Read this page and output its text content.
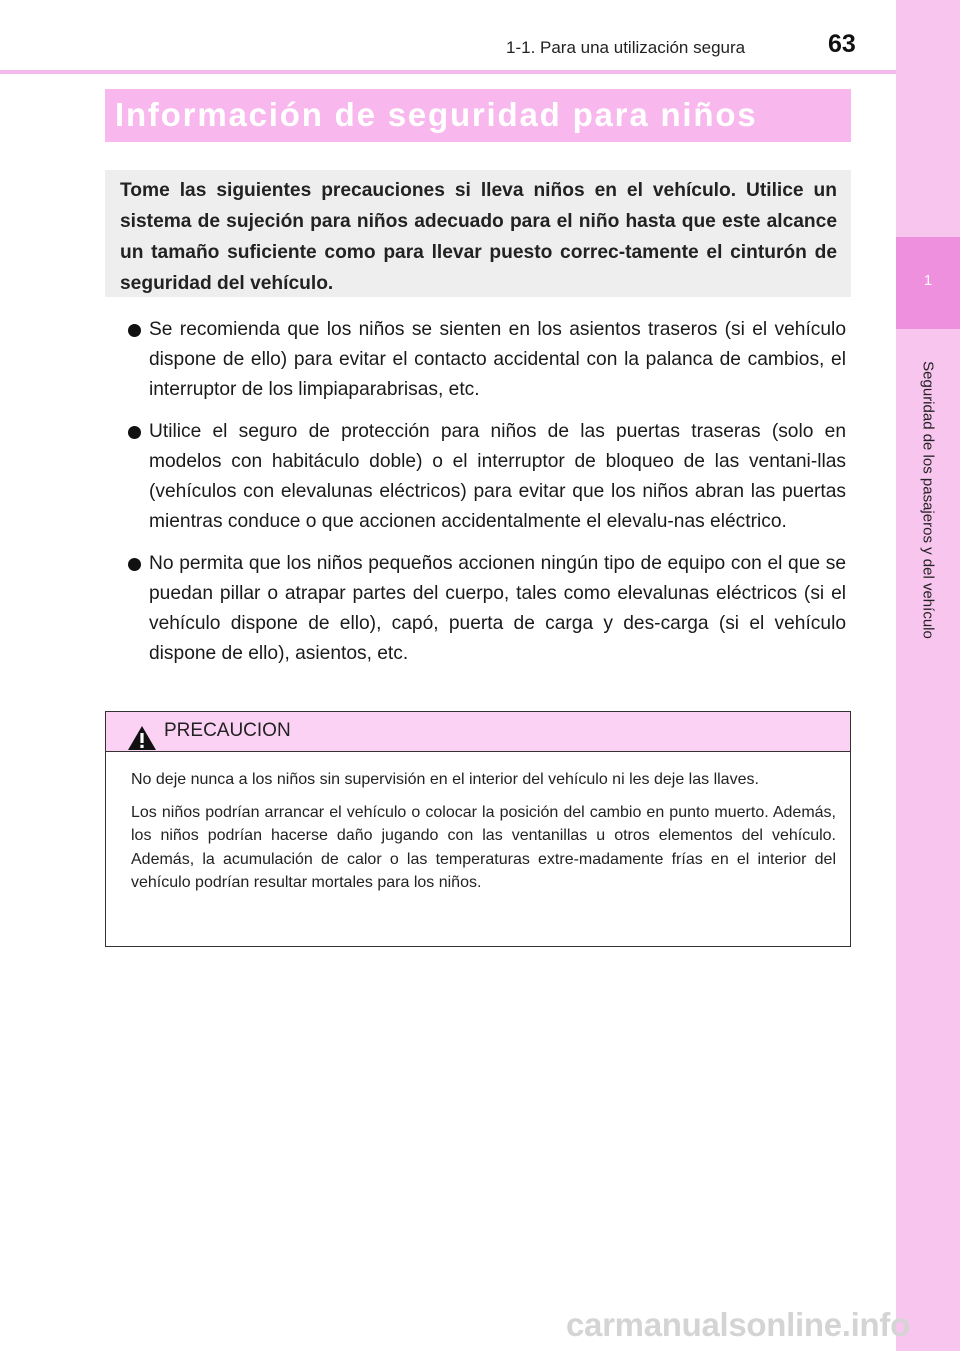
1
Seguridad de los pasajeros y del vehículo
1-1. Para una utilización segura	63
Información de seguridad para niños

Tome las siguientes precauciones si lleva niños en el vehículo. Utilice un sistema de sujeción para niños adecuado para el niño hasta que este alcance un tamaño suficiente como para llevar puesto correc-tamente el cinturón de seguridad del vehículo.

Se recomienda que los niños se sienten en los asientos traseros (si el vehículo dispone de ello) para evitar el contacto accidental con la palanca de cambios, el interruptor de los limpiaparabrisas, etc.
Utilice el seguro de protección para niños de las puertas traseras (solo en modelos con habitáculo doble) o el interruptor de bloqueo de las ventani-llas (vehículos con elevalunas eléctricos) para evitar que los niños abran las puertas mientras conduce o que accionen accidentalmente el elevalu-nas eléctrico.
No permita que los niños pequeños accionen ningún tipo de equipo con el que se puedan pillar o atrapar partes del cuerpo, tales como elevalunas eléctricos (si el vehículo dispone de ello), capó, puerta de carga y des-carga (si el vehículo dispone de ello), asientos, etc.
PRECAUCION

No deje nunca a los niños sin supervisión en el interior del vehículo ni les deje las llaves.

Los niños podrían arrancar el vehículo o colocar la posición del cambio en punto muerto. Además, los niños podrían hacerse daño jugando con las ventanillas u otros elementos del vehículo. Además, la acumulación de calor o las temperaturas extre-madamente frías en el interior del vehículo podrían resultar mortales para los niños.

carmanualsonline.info
